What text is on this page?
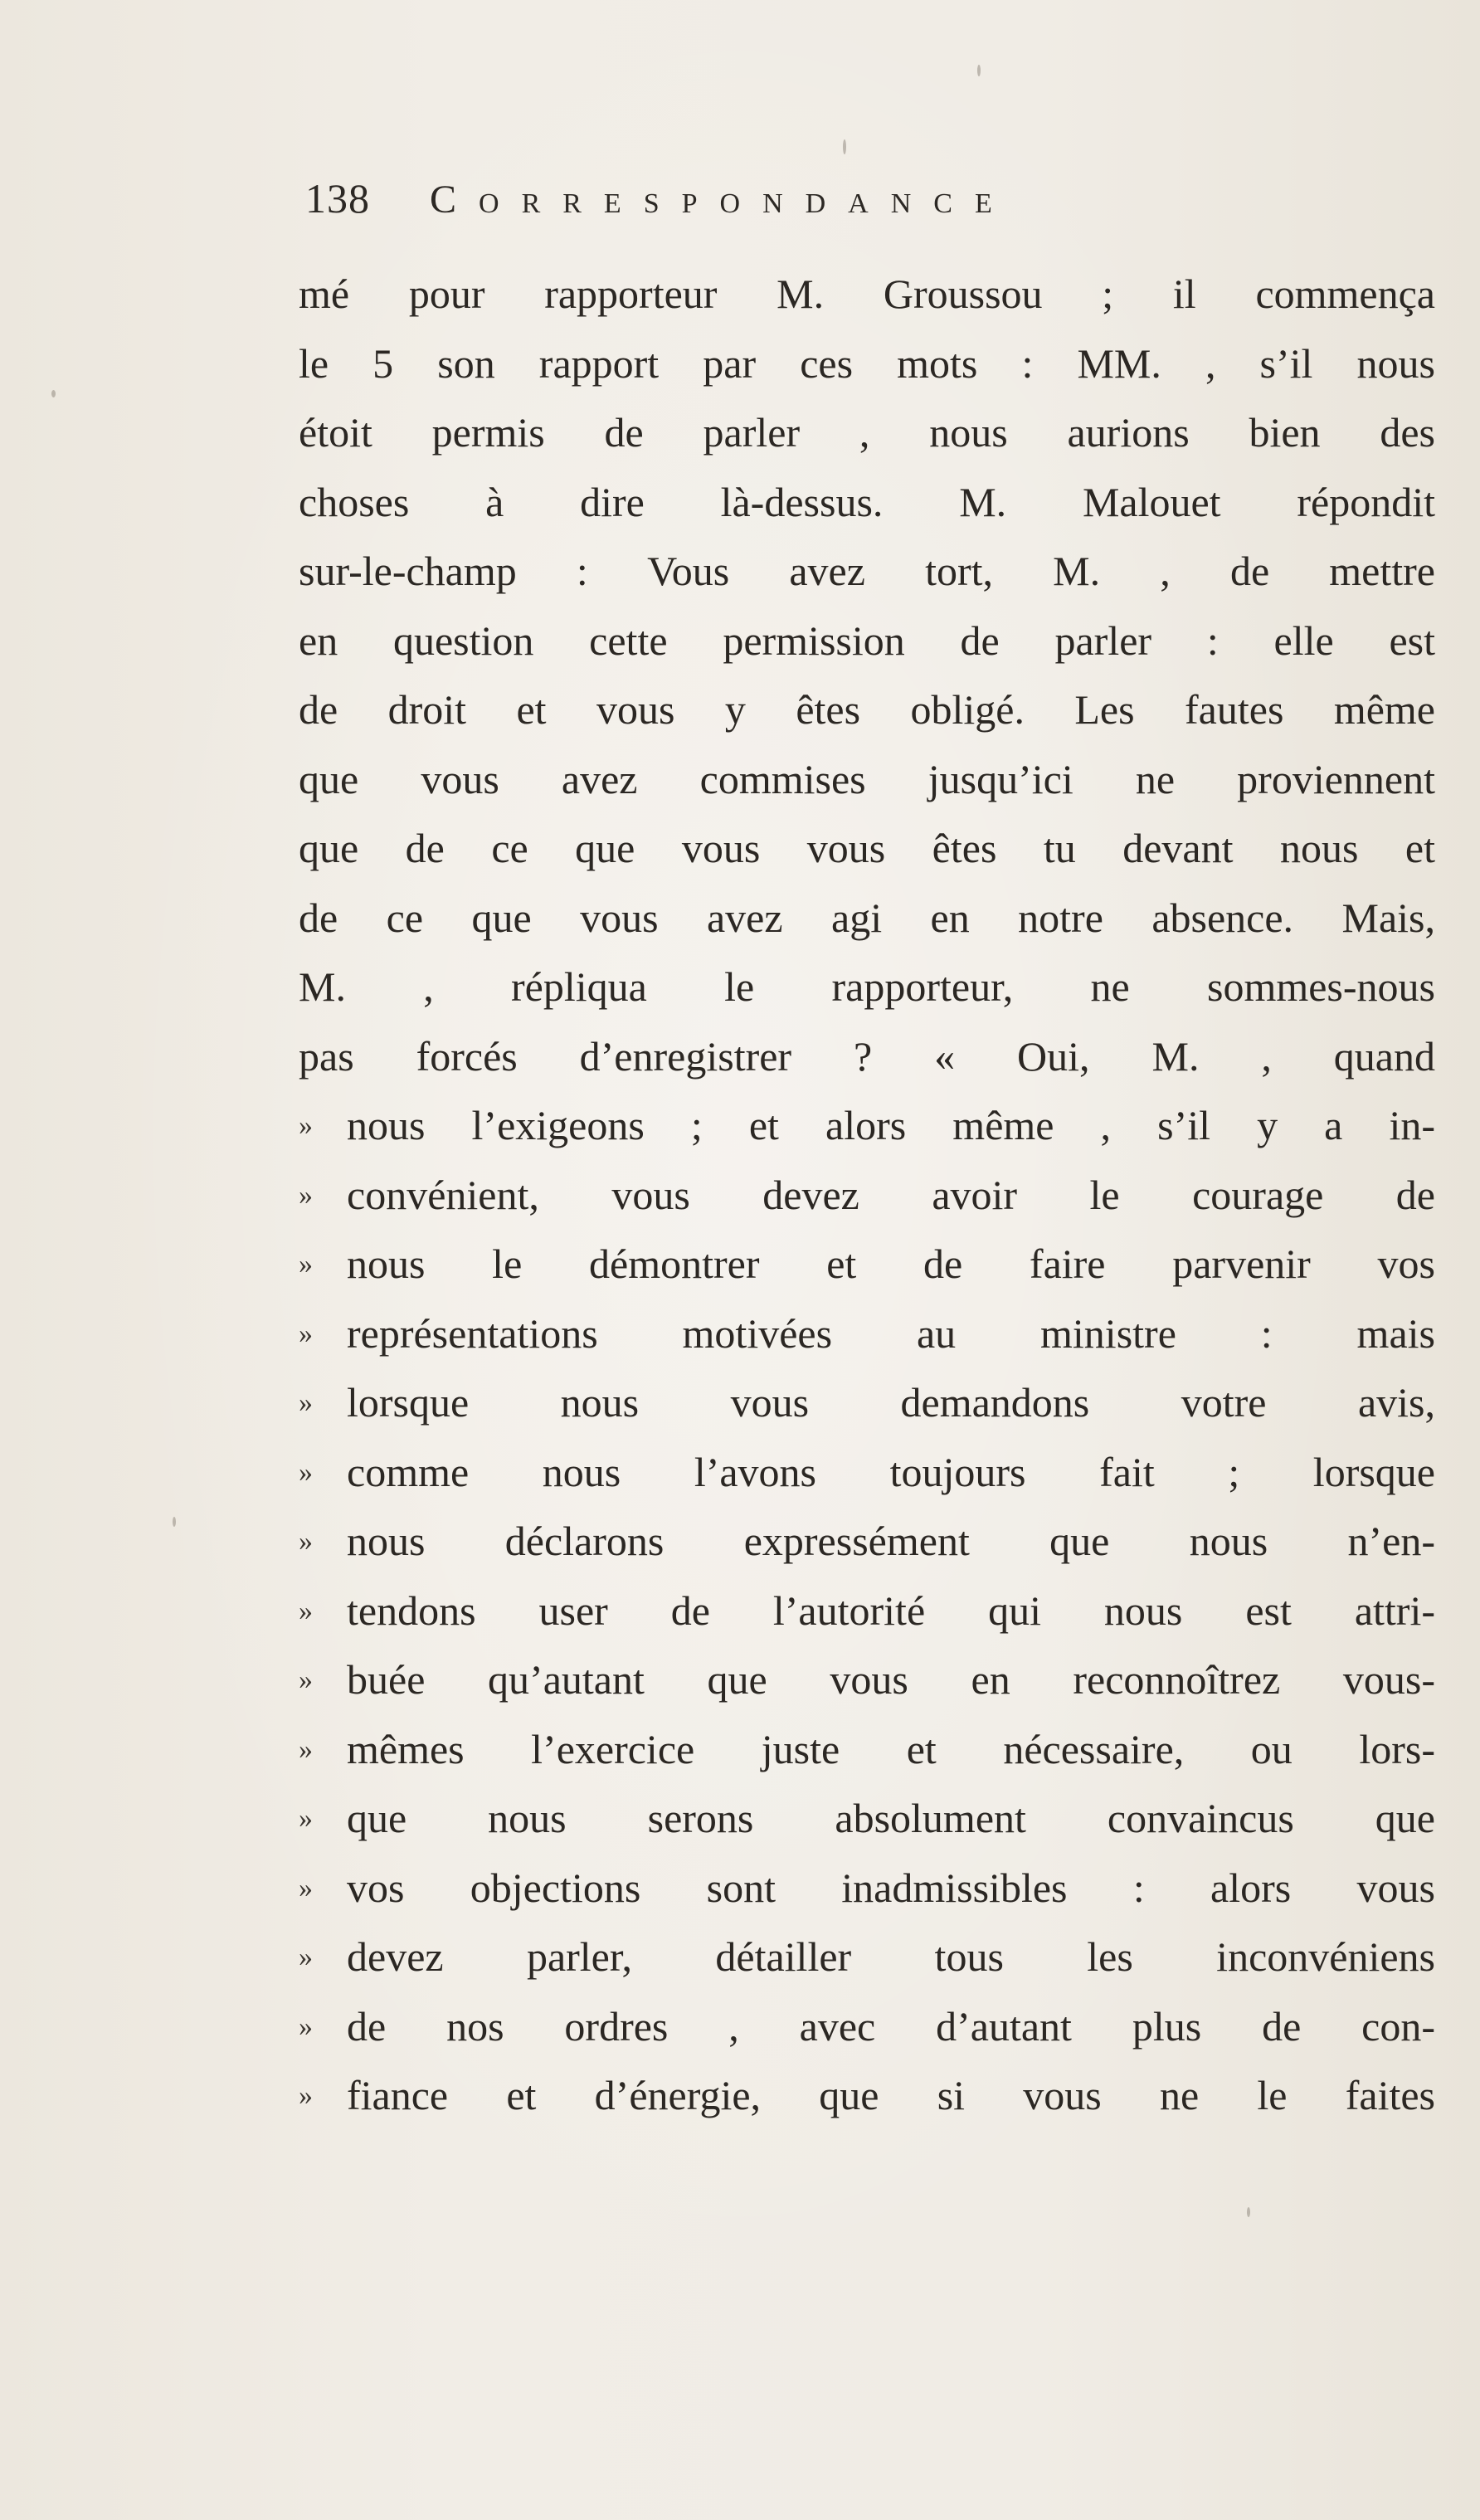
138 Correspondance
mé pour rapporteur M. Groussou ; il commença
le 5 son rapport par ces mots : MM. , s’il nous
étoit permis de parler , nous aurions bien des
choses à dire là-dessus. M. Malouet répondit
sur-le-champ : Vous avez tort, M. , de mettre
en question cette permission de parler : elle est
de droit et vous y êtes obligé. Les fautes même
que vous avez commises jusqu’ici ne proviennent
que de ce que vous vous êtes tu devant nous et
de ce que vous avez agi en notre absence. Mais,
M. , répliqua le rapporteur, ne sommes-nous
pas forcés d’enregistrer ? « Oui, M. , quand
» nous l’exigeons ; et alors même , s’il y a in-
» convénient, vous devez avoir le courage de
» nous le démontrer et de faire parvenir vos
» représentations motivées au ministre : mais
» lorsque nous vous demandons votre avis,
» comme nous l’avons toujours fait ; lorsque
» nous déclarons expressément que nous n’en-
» tendons user de l’autorité qui nous est attri-
» buée qu’autant que vous en reconnoîtrez vous-
» mêmes l’exercice juste et nécessaire, ou lors-
» que nous serons absolument convaincus que
» vos objections sont inadmissibles : alors vous
» devez parler, détailler tous les inconvéniens
» de nos ordres , avec d’autant plus de con-
» fiance et d’énergie, que si vous ne le faites
